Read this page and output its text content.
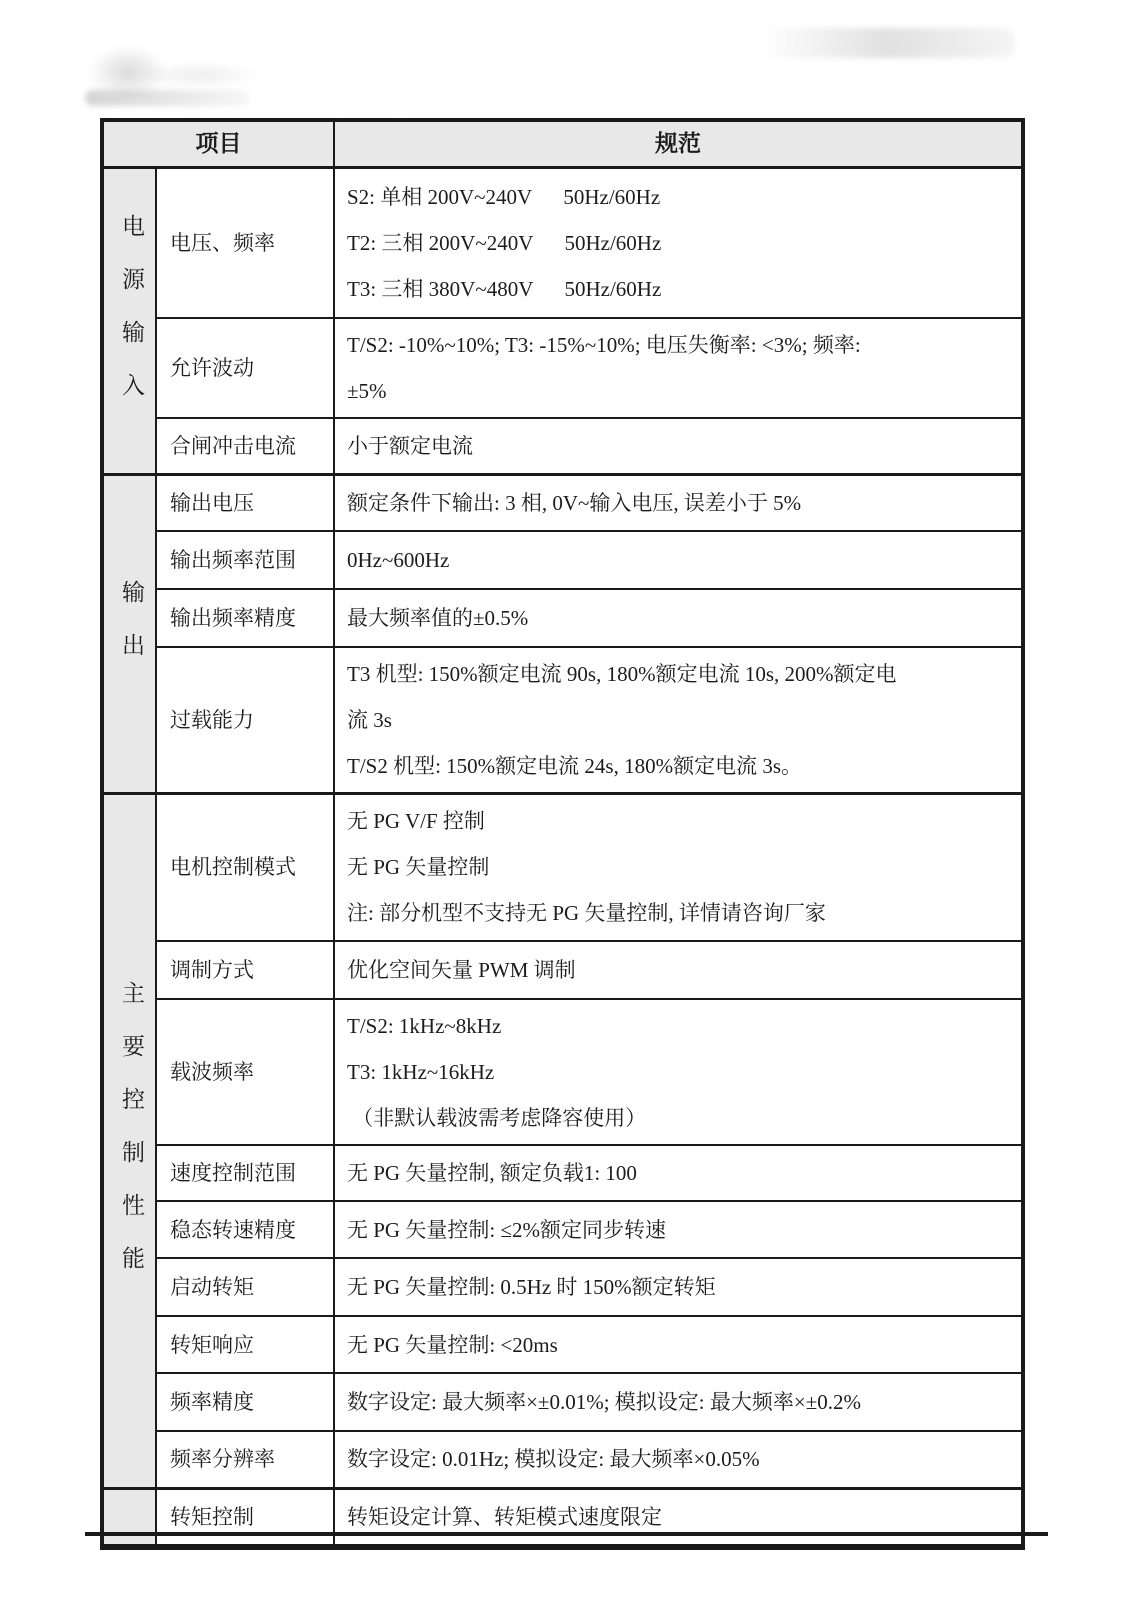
项目		规范
电源输入	电压、频率	S2: 单相 200V~240V      50Hz/60Hz
T2: 三相 200V~240V      50Hz/60Hz
T3: 三相 380V~480V      50Hz/60Hz

	允许波动	T/S2: -10%~10%; T3: -15%~10%; 电压失衡率: <3%; 频率:
±5%

	合闸冲击电流	小于额定电流

输出	输出电压	额定条件下输出: 3 相, 0V~输入电压, 误差小于 5%

	输出频率范围	0Hz~600Hz

	输出频率精度	最大频率值的±0.5%

	过载能力	T3 机型: 150%额定电流 90s, 180%额定电流 10s, 200%额定电
流 3s
T/S2 机型: 150%额定电流 24s, 180%额定电流 3s。

主要控制性能	电机控制模式	无 PG V/F 控制
无 PG 矢量控制
注: 部分机型不支持无 PG 矢量控制, 详情请咨询厂家

	调制方式	优化空间矢量 PWM 调制

	载波频率	T/S2: 1kHz~8kHz
T3: 1kHz~16kHz
（非默认载波需考虑降容使用）

	速度控制范围	无 PG 矢量控制, 额定负载1: 100

	稳态转速精度	无 PG 矢量控制: ≤2%额定同步转速

	启动转矩	无 PG 矢量控制: 0.5Hz 时 150%额定转矩

	转矩响应	无 PG 矢量控制: <20ms

	频率精度	数字设定: 最大频率×±0.01%; 模拟设定: 最大频率×±0.2%

	频率分辨率	数字设定: 0.01Hz; 模拟设定: 最大频率×0.05%

	转矩控制	转矩设定计算、转矩模式速度限定
